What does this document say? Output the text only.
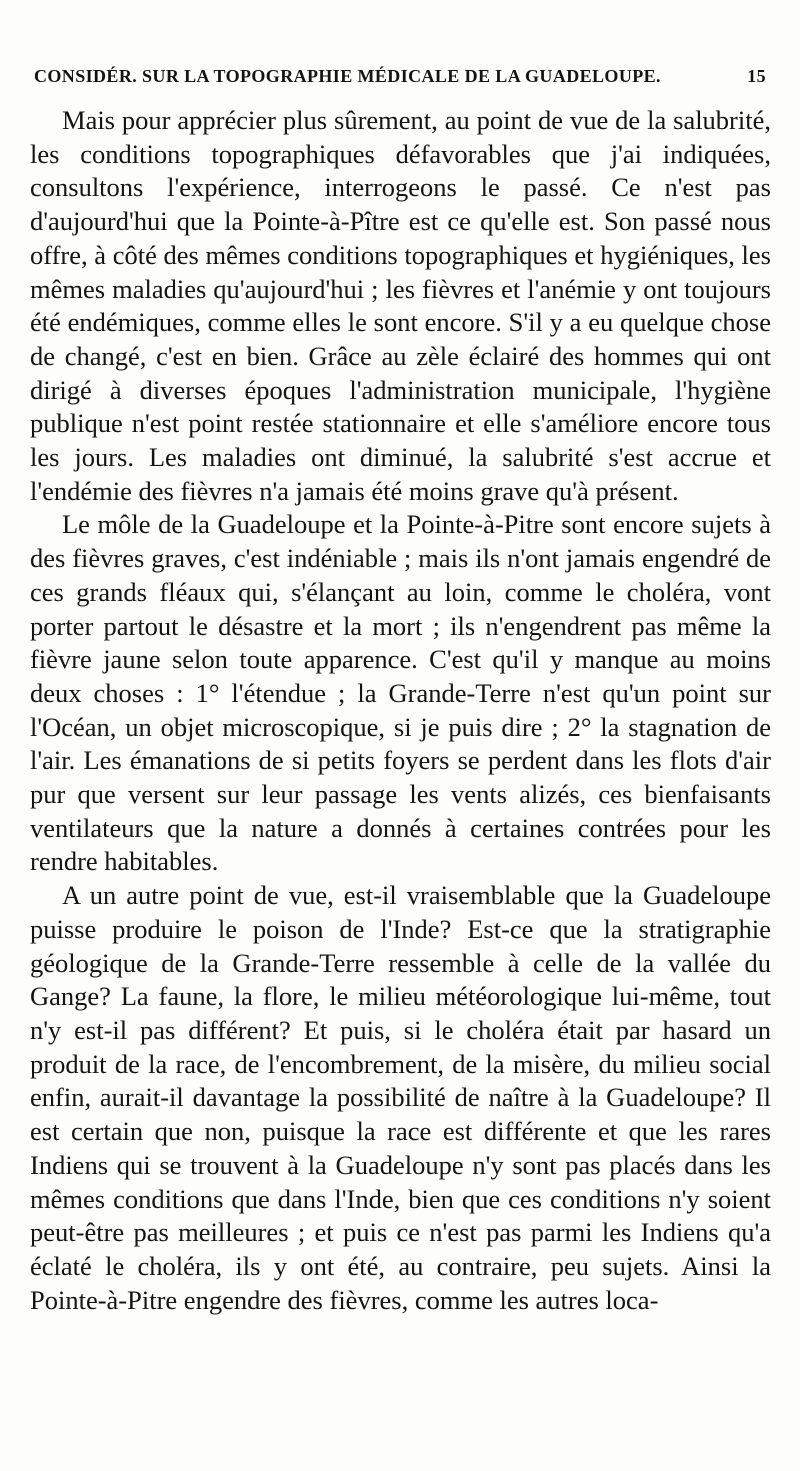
CONSIDÉR. SUR LA TOPOGRAPHIE MÉDICALE DE LA GUADELOUPE.	15

Mais pour apprécier plus sûrement, au point de vue de la salubrité, les conditions topographiques défavorables que j'ai indiquées, consultons l'expérience, interrogeons le passé. Ce n'est pas d'aujourd'hui que la Pointe-à-Pître est ce qu'elle est. Son passé nous offre, à côté des mêmes conditions topographiques et hygiéniques, les mêmes maladies qu'aujourd'hui ; les fièvres et l'anémie y ont toujours été endémiques, comme elles le sont encore. S'il y a eu quelque chose de changé, c'est en bien. Grâce au zèle éclairé des hommes qui ont dirigé à diverses époques l'administration municipale, l'hygiène publique n'est point restée stationnaire et elle s'améliore encore tous les jours. Les maladies ont diminué, la salubrité s'est accrue et l'endémie des fièvres n'a jamais été moins grave qu'à présent.

Le môle de la Guadeloupe et la Pointe-à-Pitre sont encore sujets à des fièvres graves, c'est indéniable ; mais ils n'ont jamais engendré de ces grands fléaux qui, s'élançant au loin, comme le choléra, vont porter partout le désastre et la mort ; ils n'engendrent pas même la fièvre jaune selon toute apparence. C'est qu'il y manque au moins deux choses : 1° l'étendue ; la Grande-Terre n'est qu'un point sur l'Océan, un objet microscopique, si je puis dire ; 2° la stagnation de l'air. Les émanations de si petits foyers se perdent dans les flots d'air pur que versent sur leur passage les vents alizés, ces bienfaisants ventilateurs que la nature a donnés à certaines contrées pour les rendre habitables.

A un autre point de vue, est-il vraisemblable que la Guadeloupe puisse produire le poison de l'Inde? Est-ce que la stratigraphie géologique de la Grande-Terre ressemble à celle de la vallée du Gange? La faune, la flore, le milieu météorologique lui-même, tout n'y est-il pas différent? Et puis, si le choléra était par hasard un produit de la race, de l'encombrement, de la misère, du milieu social enfin, aurait-il davantage la possibilité de naître à la Guadeloupe? Il est certain que non, puisque la race est différente et que les rares Indiens qui se trouvent à la Guadeloupe n'y sont pas placés dans les mêmes conditions que dans l'Inde, bien que ces conditions n'y soient peut-être pas meilleures ; et puis ce n'est pas parmi les Indiens qu'a éclaté le choléra, ils y ont été, au contraire, peu sujets. Ainsi la Pointe-à-Pitre engendre des fièvres, comme les autres loca-
